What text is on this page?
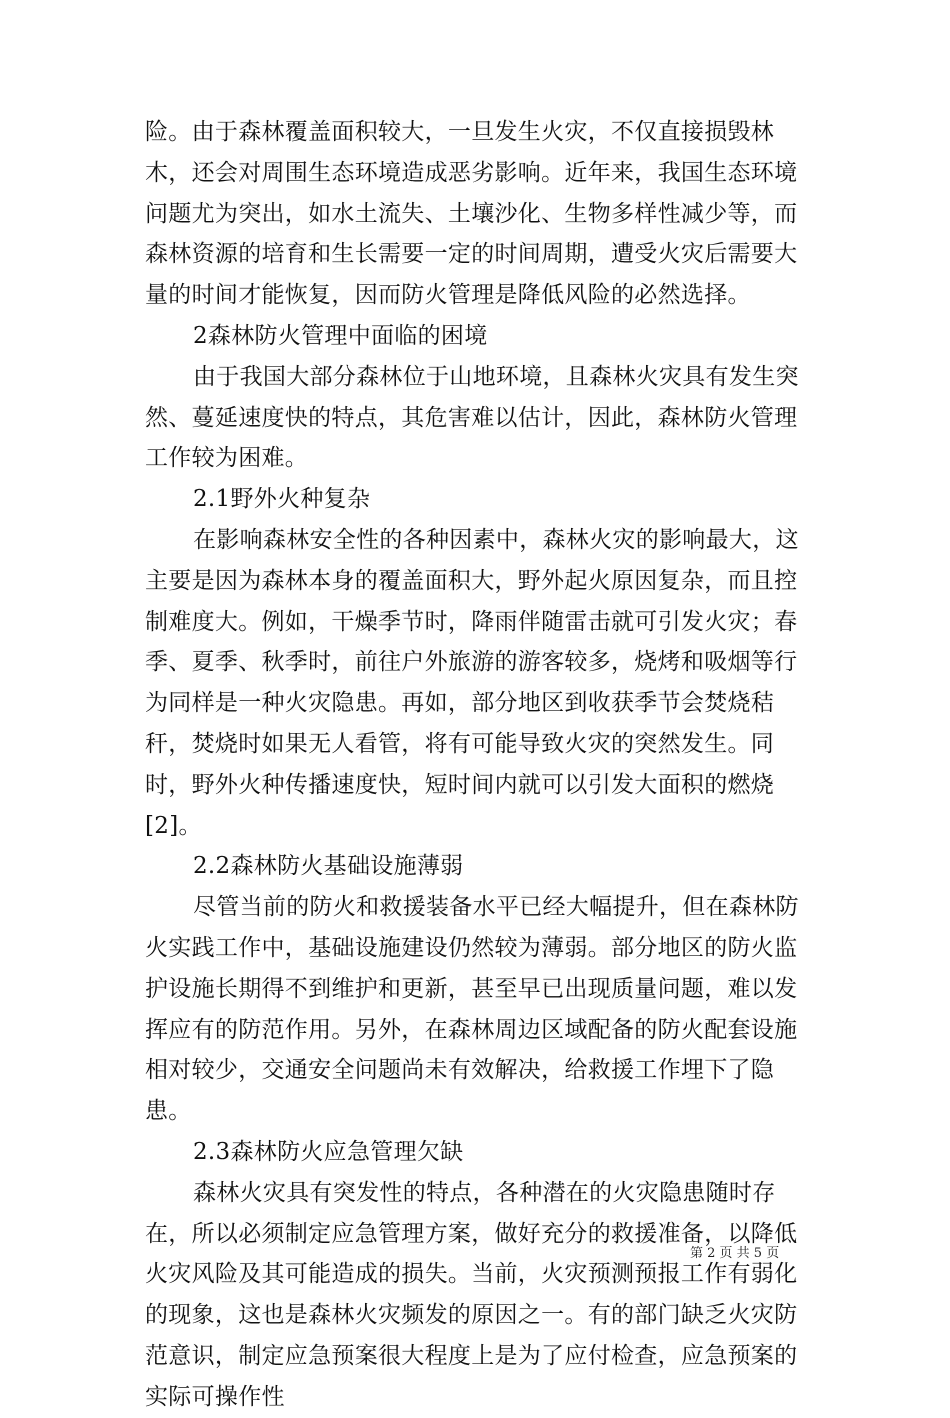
险。由于森林覆盖面积较大，一旦发生火灾，不仅直接损毁林木，还会对周围生态环境造成恶劣影响。近年来，我国生态环境问题尤为突出，如水土流失、土壤沙化、生物多样性减少等，而森林资源的培育和生长需要一定的时间周期，遭受火灾后需要大量的时间才能恢复，因而防火管理是降低风险的必然选择。

2森林防火管理中面临的困境

由于我国大部分森林位于山地环境，且森林火灾具有发生突然、蔓延速度快的特点，其危害难以估计，因此，森林防火管理工作较为困难。

2.1野外火种复杂

在影响森林安全性的各种因素中，森林火灾的影响最大，这主要是因为森林本身的覆盖面积大，野外起火原因复杂，而且控制难度大。例如，干燥季节时，降雨伴随雷击就可引发火灾；春季、夏季、秋季时，前往户外旅游的游客较多，烧烤和吸烟等行为同样是一种火灾隐患。再如，部分地区到收获季节会焚烧秸秆，焚烧时如果无人看管，将有可能导致火灾的突然发生。同时，野外火种传播速度快，短时间内就可以引发大面积的燃烧[2]。

2.2森林防火基础设施薄弱

尽管当前的防火和救援装备水平已经大幅提升，但在森林防火实践工作中，基础设施建设仍然较为薄弱。部分地区的防火监护设施长期得不到维护和更新，甚至早已出现质量问题，难以发挥应有的防范作用。另外，在森林周边区域配备的防火配套设施相对较少，交通安全问题尚未有效解决，给救援工作埋下了隐患。

2.3森林防火应急管理欠缺

森林火灾具有突发性的特点，各种潜在的火灾隐患随时存在，所以必须制定应急管理方案，做好充分的救援准备，以降低火灾风险及其可能造成的损失。当前，火灾预测预报工作有弱化的现象，这也是森林火灾频发的原因之一。有的部门缺乏火灾防范意识，制定应急预案很大程度上是为了应付检查，应急预案的实际可操作性

第 2 页 共 5 页
